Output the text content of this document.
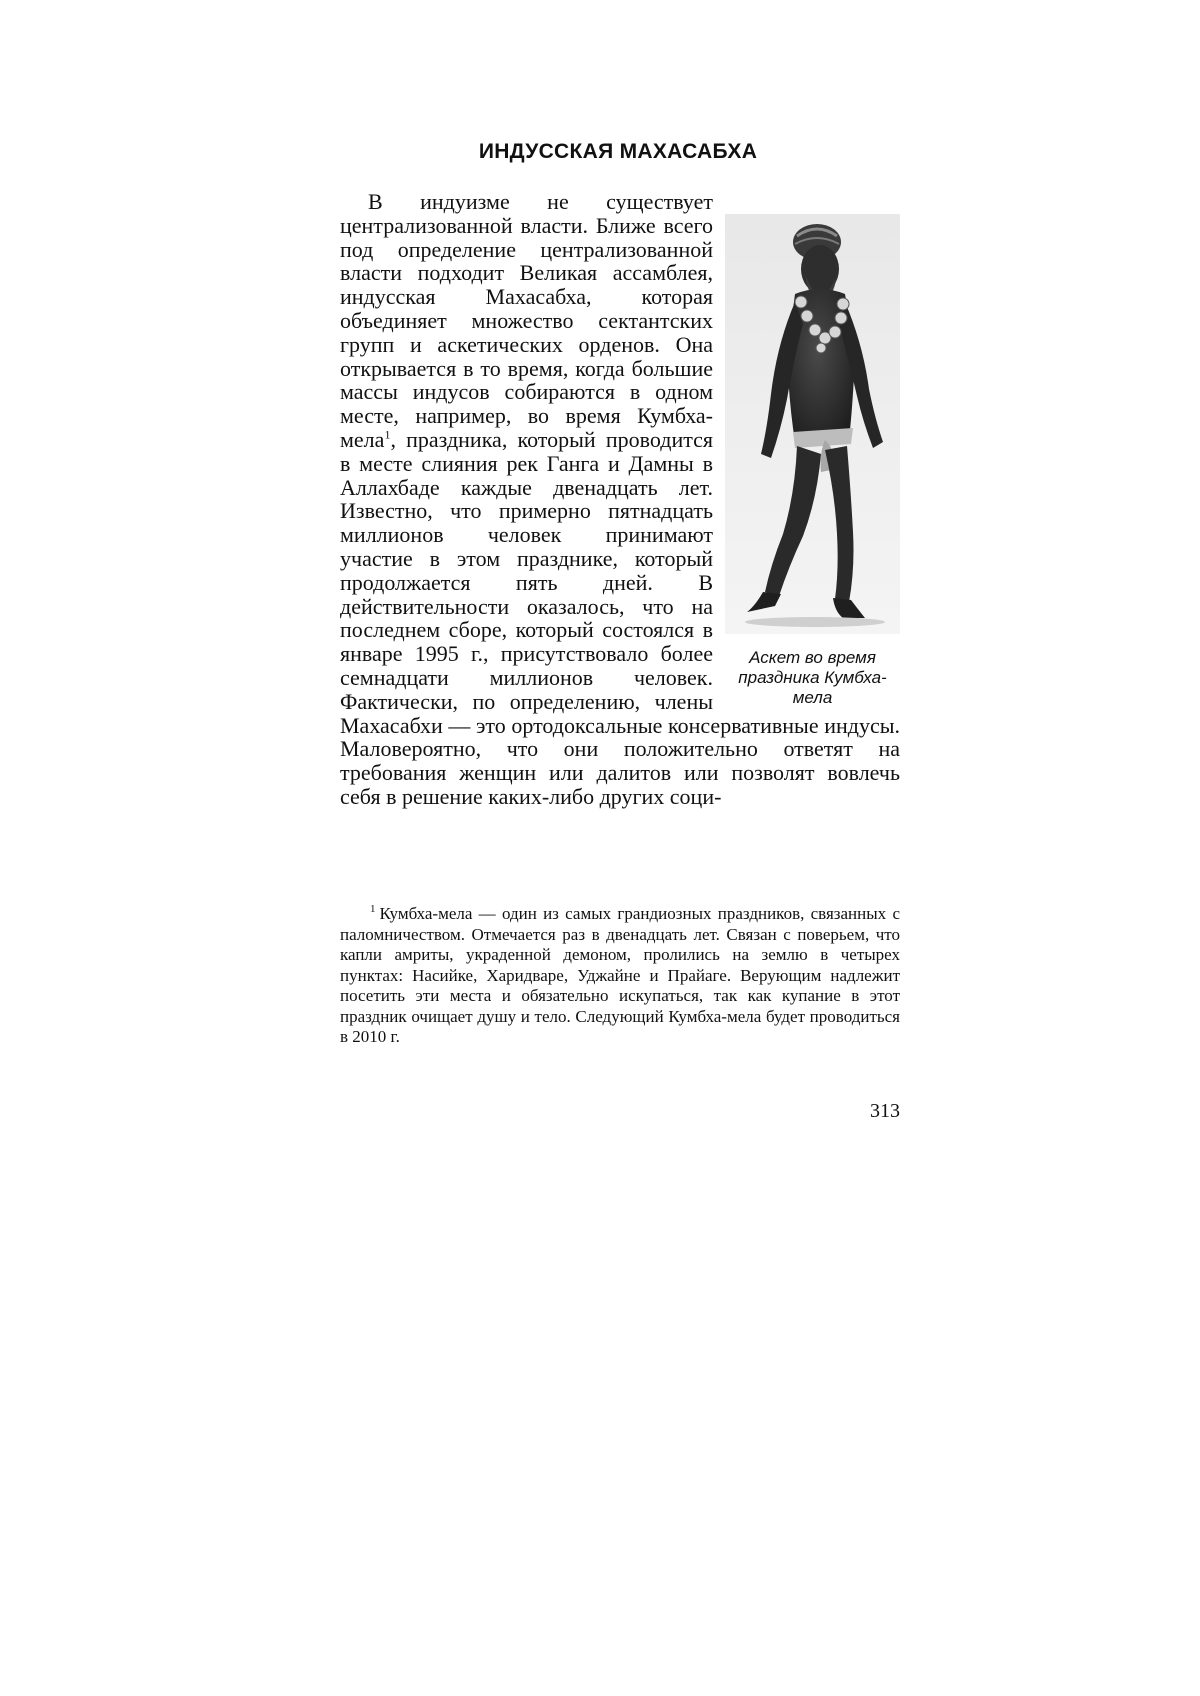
ИНДУССКАЯ МАХАСАБХА

Аскет во время праздника Кумбха-мела
В индуизме не существует централизованной власти. Ближе всего под определение централизованной власти подходит Великая ассамблея, индусская Махасабха, которая объединяет множество сектантских групп и аскетических орденов. Она открывается в то время, когда большие массы индусов собираются в одном месте, например, во время Кумбха-мела$^1$, праздника, который проводится в месте слияния рек Ганга и Дамны в Аллахбаде каждые двенадцать лет. Известно, что примерно пятнадцать миллионов человек принимают участие в этом празднике, который продолжается пять дней. В действительности оказалось, что на последнем сборе, который состоялся в январе 1995 г., присутствовало более семнадцати миллионов человек. Фактически, по определению, члены Махасабхи — это ортодоксальные консервативные индусы. Маловероятно, что они положительно ответят на требования женщин или далитов или позволят вовлечь себя в решение каких-либо других соци-

$^1$ Кумбха-мела — один из самых грандиозных праздников, связанных с паломничеством. Отмечается раз в двенадцать лет. Связан с поверьем, что капли амриты, украденной демоном, пролились на землю в четырех пунктах: Насийке, Харидваре, Уджайне и Прайаге. Верующим надлежит посетить эти места и обязательно искупаться, так как купание в этот праздник очищает душу и тело. Следующий Кумбха-мела будет проводиться в 2010 г.

313
